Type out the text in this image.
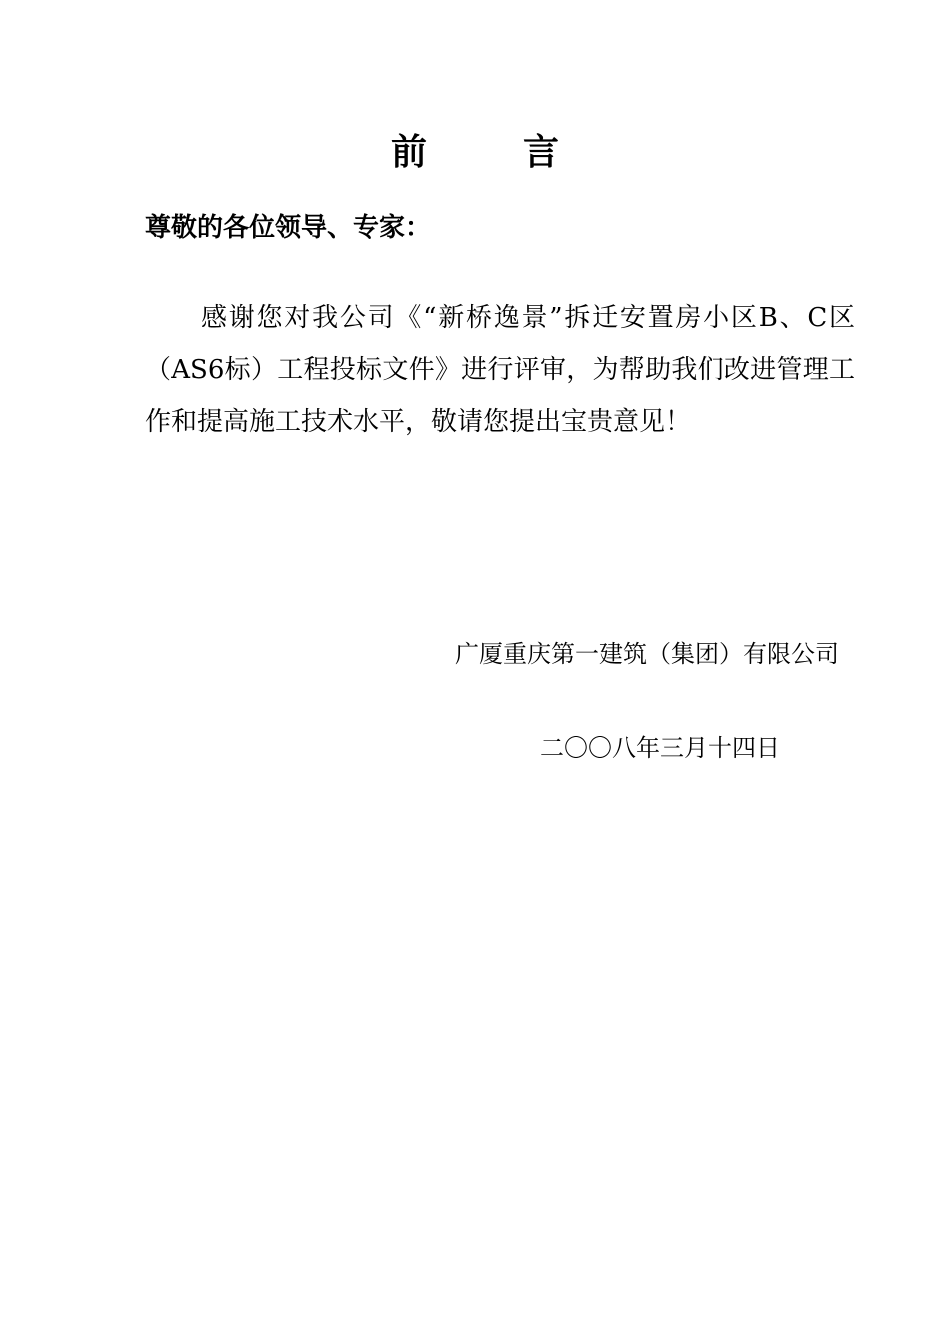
前	言
尊敬的各位领导、专家：
感谢您对我公司《“新桥逸景”拆迁安置房小区B、C区（AS6标）工程投标文件》进行评审，为帮助我们改进管理工作和提高施工技术水平，敬请您提出宝贵意见！
广厦重庆第一建筑（集团）有限公司
二〇〇八年三月十四日
